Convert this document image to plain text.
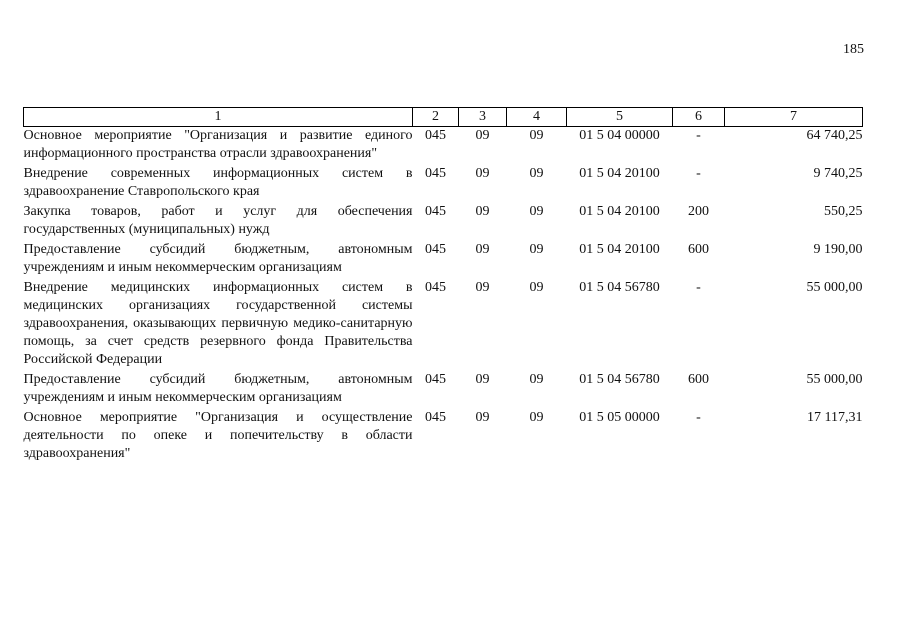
185
1	2	3	4	5	6	7
Основное мероприятие "Организация и развитие единого информационного пространства отрасли здравоохранения"	045	09	09	01 5 04 00000	-	64 740,25
Внедрение современных информационных систем в здравоохранение Ставропольского края	045	09	09	01 5 04 20100	-	9 740,25
Закупка товаров, работ и услуг для обеспечения государственных (муниципальных) нужд	045	09	09	01 5 04 20100	200	550,25
Предоставление субсидий бюджетным, автономным учреждениям и иным некоммерческим организациям	045	09	09	01 5 04 20100	600	9 190,00
Внедрение медицинских информационных систем в медицинских организациях государственной системы здравоохранения, оказывающих первичную медико-санитарную помощь, за счет средств резервного фонда Правительства Российской Федерации	045	09	09	01 5 04 56780	-	55 000,00
Предоставление субсидий бюджетным, автономным учреждениям и иным некоммерческим организациям	045	09	09	01 5 04 56780	600	55 000,00
Основное мероприятие "Организация и осуществление деятельности по опеке и попечительству в области здравоохранения"	045	09	09	01 5 05 00000	-	17 117,31
